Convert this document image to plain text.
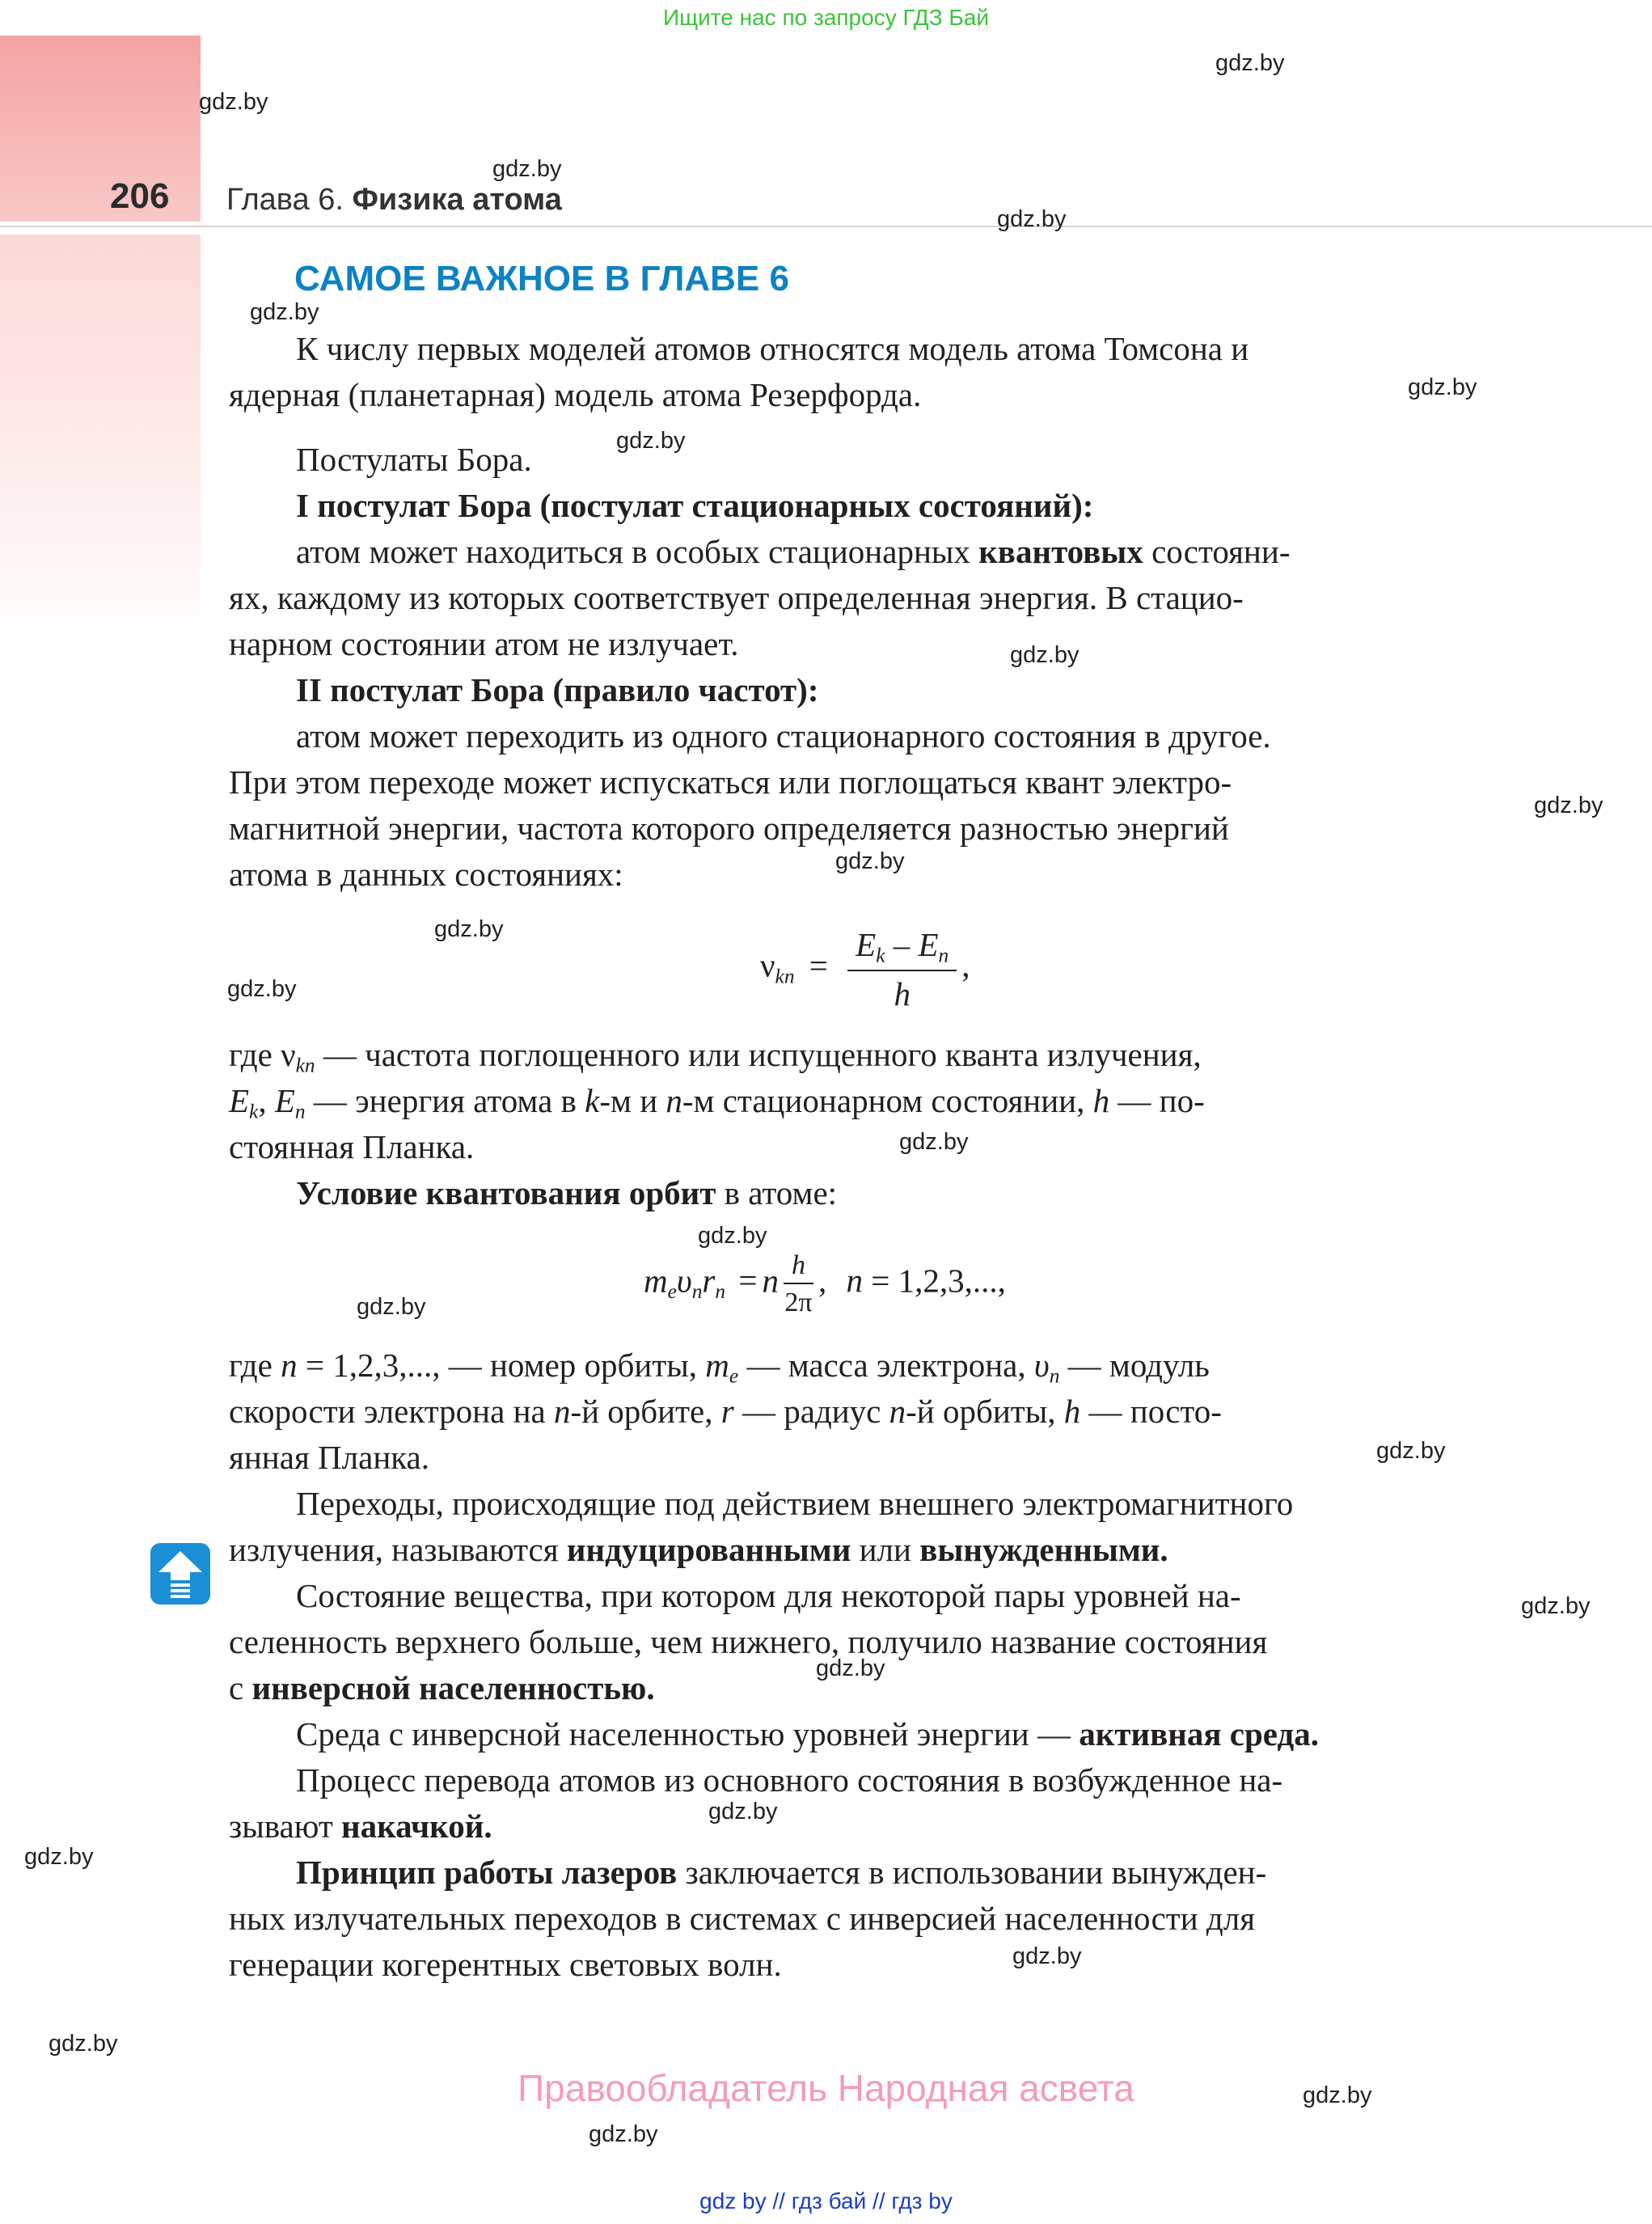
Ищите нас по запросу ГДЗ Бай
206 Глава 6. Физика атома
САМОЕ ВАЖНОЕ В ГЛАВЕ 6
gdz.by
gdz.by
gdz.by
gdz.by
gdz.by
gdz.by
gdz.by
gdz.by
gdz.by
gdz.by
gdz.by
gdz.by
gdz.by
gdz.by
gdz.by
gdz.by
gdz.by
gdz.by
gdz.by
gdz.by
gdz.by
gdz.by
gdz.by
gdz.by
К числу первых моделей атомов относятся модель атома Томсона и
ядерная (планетарная) модель атома Резерфорда.
Постулаты Бора.
I постулат Бора (постулат стационарных состояний):
атом может находиться в особых стационарных квантовых состояни-
ях, каждому из которых соответствует определенная энергия. В стацио-
нарном состоянии атом не излучает.
II постулат Бора (правило частот):
атом может переходить из одного стационарного состояния в другое.
При этом переходе может испускаться или поглощаться квант электро-
магнитной энергии, частота которого определяется разностью энергий
атома в данных состояниях:
$\nu_{kn} = \frac{E_k - E_n}{h}$ ,
где $\nu_{kn}$ — частота поглощенного или испущенного кванта излучения,
$E_k$, $E_n$ — энергия атома в k-м и n-м стационарном состоянии, h — по-
стоянная Планка.
Условие квантования орбит в атоме:
$m_e\upsilon_nr_n = n \frac{h}{2\pi}$ , n = 1,2,3,...,
где n = 1,2,3,..., — номер орбиты, $m_e$ — масса электрона, $\upsilon_n$ — модуль
скорости электрона на n-й орбите, r — радиус n-й орбиты, h — посто-
янная Планка.
Переходы, происходящие под действием внешнего электромагнитного
излучения, называются индуцированными или вынужденными.
Состояние вещества, при котором для некоторой пары уровней на-
селенность верхнего больше, чем нижнего, получило название состояния
с инверсной населенностью.
Среда с инверсной населенностью уровней энергии — активная среда.
Процесс перевода атомов из основного состояния в возбужденное на-
зывают накачкой.
Принцип работы лазеров заключается в использовании вынужден-
ных излучательных переходов в системах с инверсией населенности для
генерации когерентных световых волн.
Правообладатель Народная асвета
gdz by // гдз бай // гдз by
